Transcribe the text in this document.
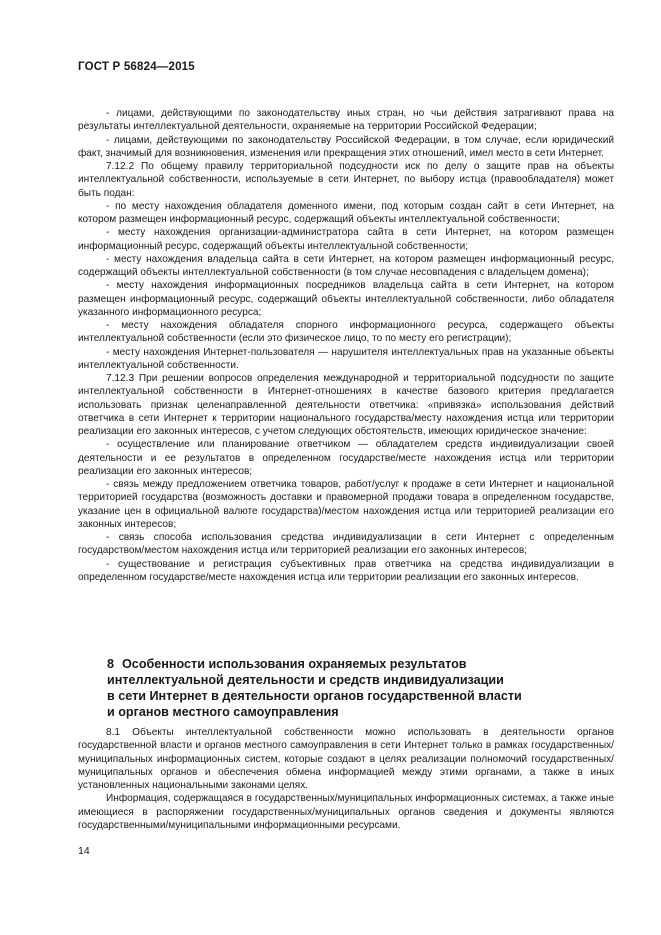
ГОСТ Р 56824—2015

- лицами, действующими по законодательству иных стран, но чьи действия затрагивают права на результаты интеллектуальной деятельности, охраняемые на территории Российской Федерации;

- лицами, действующими по законодательству Российской Федерации, в том случае, если юридический факт, значимый для возникновения, изменения или прекращения этих отношений, имел место в сети Интернет.

7.12.2 По общему правилу территориальной подсудности иск по делу о защите прав на объекты интеллектуальной собственности, используемые в сети Интернет, по выбору истца (правообладателя) может быть подан:

- по месту нахождения обладателя доменного имени, под которым создан сайт в сети Интернет, на котором размещен информационный ресурс, содержащий объекты интеллектуальной собственности;

- месту нахождения организации-администратора сайта в сети Интернет, на котором размещен информационный ресурс, содержащий объекты интеллектуальной собственности;

- месту нахождения владельца сайта в сети Интернет, на котором размещен информационный ресурс, содержащий объекты интеллектуальной собственности (в том случае несовпадения с владельцем домена);

- месту нахождения информационных посредников владельца сайта в сети Интернет, на котором размещен информационный ресурс, содержащий объекты интеллектуальной собственности, либо обладателя указанного информационного ресурса;

- месту нахождения обладателя спорного информационного ресурса, содержащего объекты интеллектуальной собственности (если это физическое лицо, то по месту его регистрации);

- месту нахождения Интернет-пользователя — нарушителя интеллектуальных прав на указанные объекты интеллектуальной собственности.

7.12.3 При решении вопросов определения международной и территориальной подсудности по защите интеллектуальной собственности в Интернет-отношениях в качестве базового критерия предлагается использовать признак целенаправленной деятельности ответчика: «привязка» использования действий ответчика в сети Интернет к территории национального государства/месту нахождения истца или территории реализации его законных интересов, с учетом следующих обстоятельств, имеющих юридическое значение:

- осуществление или планирование ответчиком — обладателем средств индивидуализации своей деятельности и ее результатов в определенном государстве/месте нахождения истца или территории реализации его законных интересов;

- связь между предложением ответчика товаров, работ/услуг к продаже в сети Интернет и национальной территорией государства (возможность доставки и правомерной продажи товара в определенном государстве, указание цен в официальной валюте государства)/местом нахождения истца или территорией реализации его законных интересов;

- связь способа использования средства индивидуализации в сети Интернет с определенным государством/местом нахождения истца или территорией реализации его законных интересов;

- существование и регистрация субъективных прав ответчика на средства индивидуализации в определенном государстве/месте нахождения истца или территории реализации его законных интересов.

8 Особенности использования охраняемых результатов
интеллектуальной деятельности и средств индивидуализации
в сети Интернет в деятельности органов государственной власти
и органов местного самоуправления

8.1 Объекты интеллектуальной собственности можно использовать в деятельности органов государственной власти и органов местного самоуправления в сети Интернет только в рамках государственных/муниципальных информационных систем, которые создают в целях реализации полномочий государственных/муниципальных органов и обеспечения обмена информацией между этими органами, а также в иных установленных национальными законами целях.

Информация, содержащаяся в государственных/муниципальных информационных системах, а также иные имеющиеся в распоряжении государственных/муниципальных органов сведения и документы являются государственными/муниципальными информационными ресурсами.

14
